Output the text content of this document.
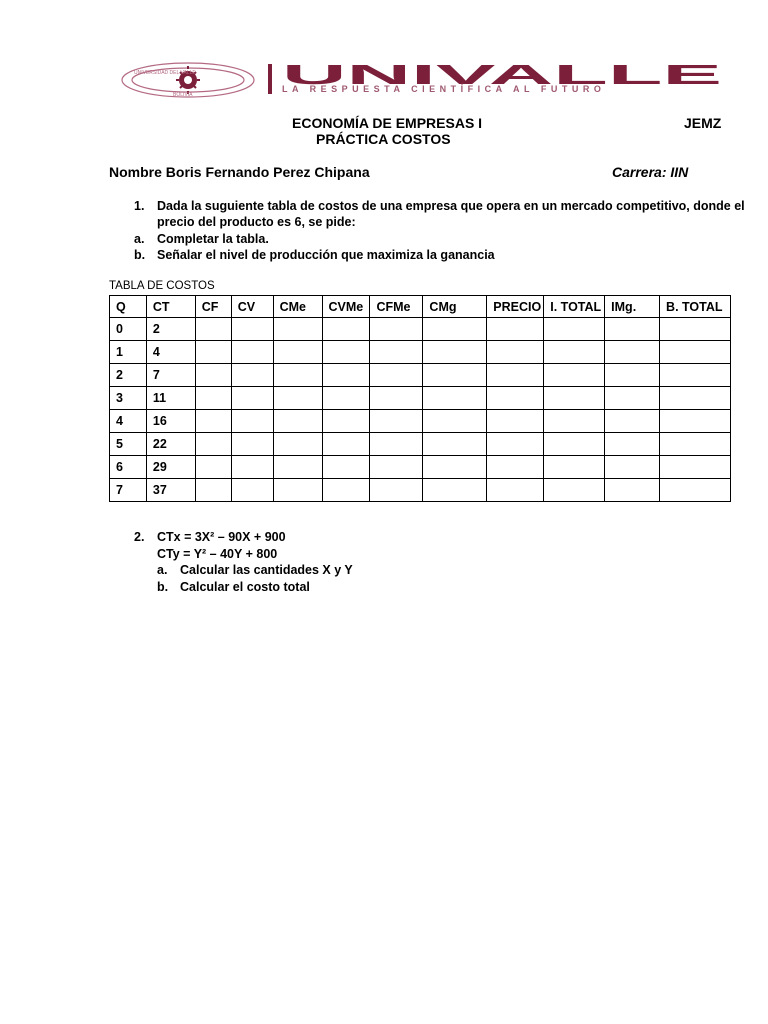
UNIVERSIDAD DEL VALLE
BOLIVIA
UNIVALLE
LA RESPUESTA CIENTÍFICA AL FUTURO
ECONOMÍA DE EMPRESAS I	JEMZ
PRÁCTICA COSTOS
Nombre Boris Fernando Perez Chipana	Carrera: IIN
1. Dada la suguiente tabla de costos de una empresa que opera en un mercado competitivo, donde el
precio del producto es 6, se pide:
a. Completar la tabla.
b. Señalar el nivel de producción que maximiza la ganancia
TABLA DE COSTOS
Q	CT	CF	CV	CMe	CVMe	CFMe	CMg	PRECIO	I. TOTAL	IMg.	B. TOTAL
0	2										
1	4										
2	7										
3	11										
4	16										
5	22										
6	29										
7	37										
2. CTx = 3X² – 90X + 900
CTy = Y² – 40Y + 800
a. Calcular las cantidades X y Y
b. Calcular el costo total
